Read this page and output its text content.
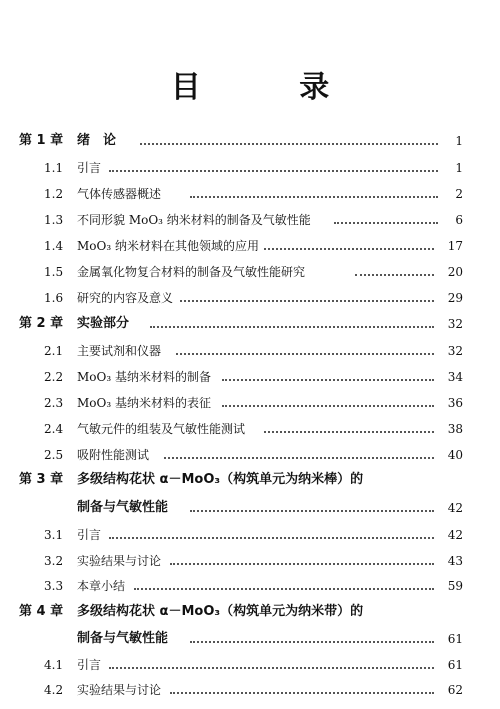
目 录
第 1 章 绪　论	1
1.1 引言	1
1.2 气体传感器概述	2
1.3 不同形貌 MoO₃ 纳米材料的制备及气敏性能	6
1.4 MoO₃ 纳米材料在其他领域的应用	17
1.5 金属氧化物复合材料的制备及气敏性能研究	20
1.6 研究的内容及意义	29
第 2 章 实验部分	32
2.1 主要试剂和仪器	32
2.2 MoO₃ 基纳米材料的制备	34
2.3 MoO₃ 基纳米材料的表征	36
2.4 气敏元件的组装及气敏性能测试	38
2.5 吸附性能测试	40
第 3 章 多级结构花状 α－MoO₃（构筑单元为纳米棒）的
制备与气敏性能	42
3.1 引言	42
3.2 实验结果与讨论	43
3.3 本章小结	59
第 4 章 多级结构花状 α－MoO₃（构筑单元为纳米带）的
制备与气敏性能	61
4.1 引言	61
4.2 实验结果与讨论	62
